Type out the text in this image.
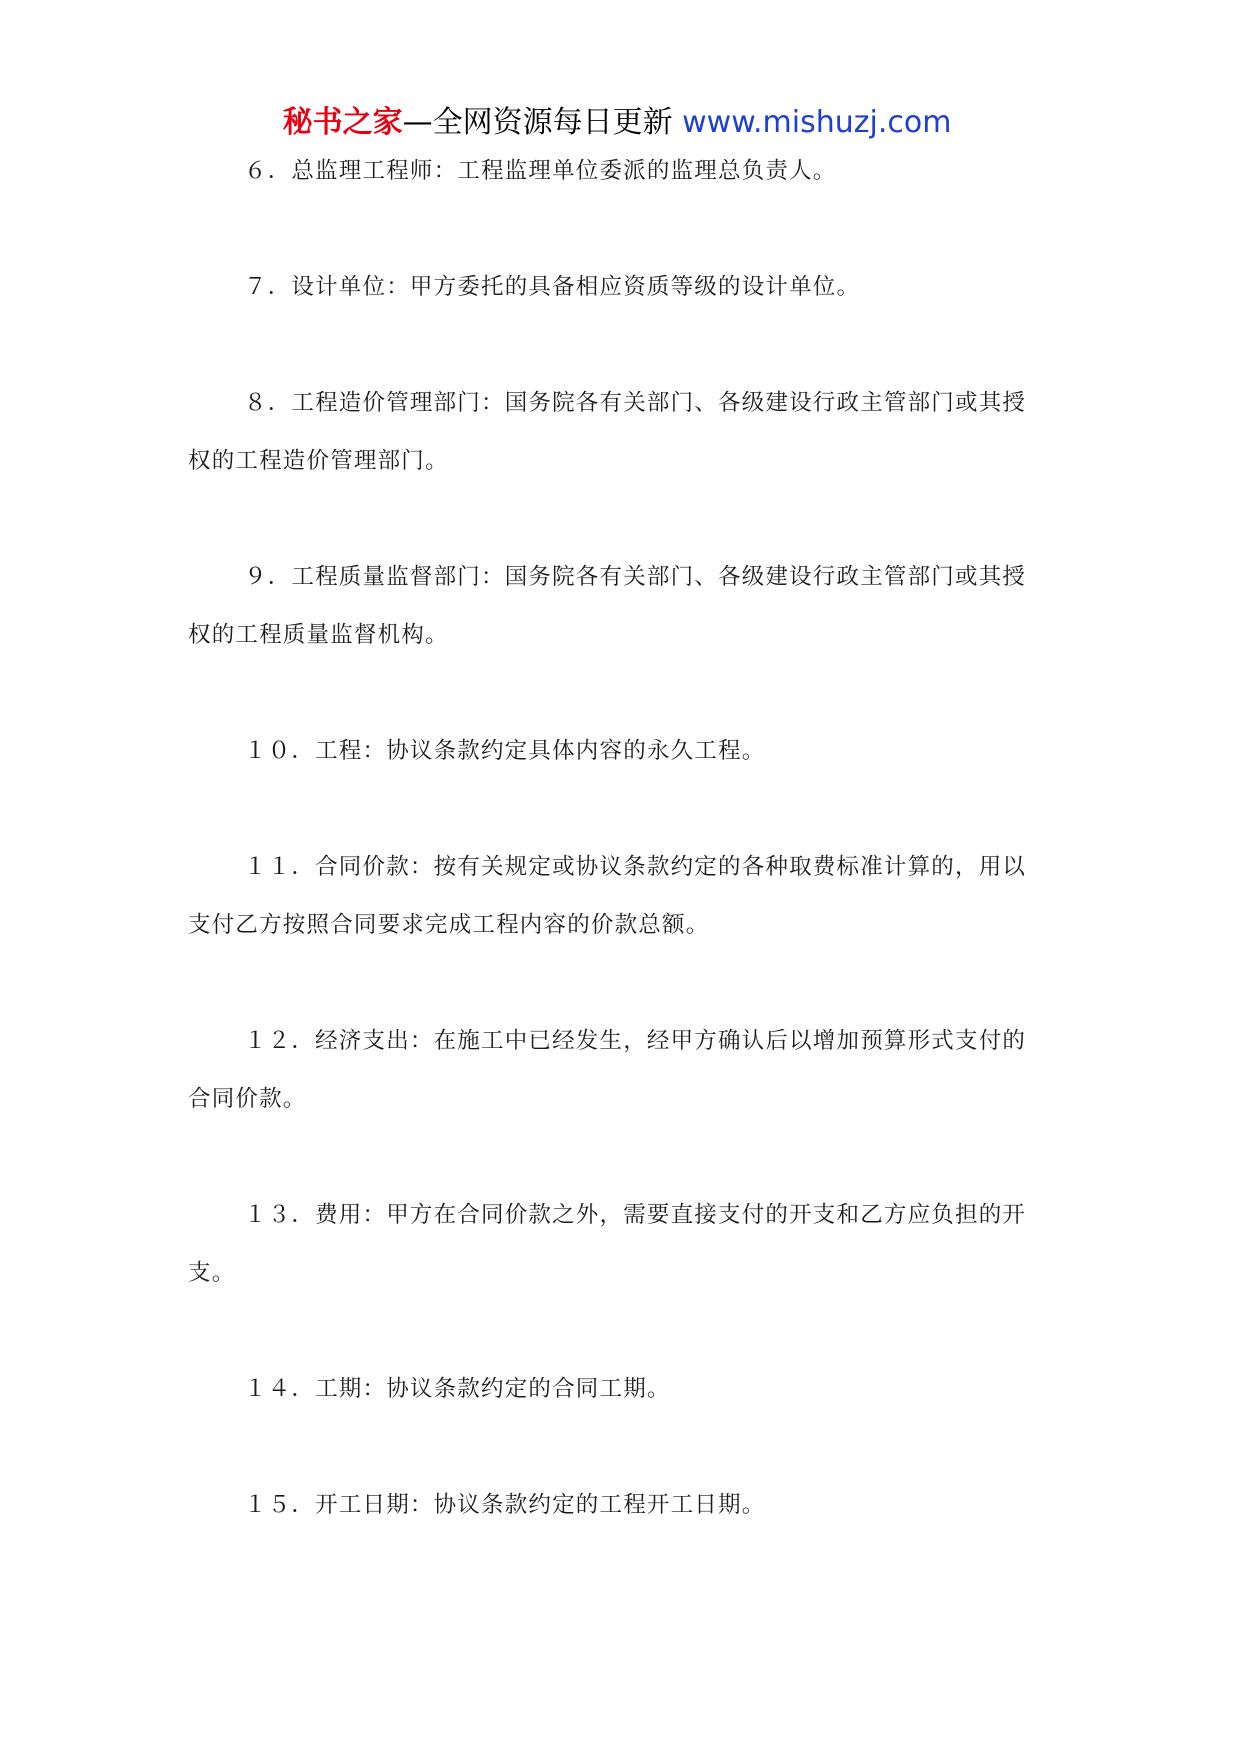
秘书之家—全网资源每日更新 www.mishuzj.com

６．总监理工程师：工程监理单位委派的监理总负责人。

７．设计单位：甲方委托的具备相应资质等级的设计单位。

８．工程造价管理部门：国务院各有关部门、各级建设行政主管部门或其授权的工程造价管理部门。

９．工程质量监督部门：国务院各有关部门、各级建设行政主管部门或其授权的工程质量监督机构。

１０．工程：协议条款约定具体内容的永久工程。

１１．合同价款：按有关规定或协议条款约定的各种取费标准计算的，用以支付乙方按照合同要求完成工程内容的价款总额。

１２．经济支出：在施工中已经发生，经甲方确认后以增加预算形式支付的合同价款。

１３．费用：甲方在合同价款之外，需要直接支付的开支和乙方应负担的开支。

１４．工期：协议条款约定的合同工期。

１５．开工日期：协议条款约定的工程开工日期。
